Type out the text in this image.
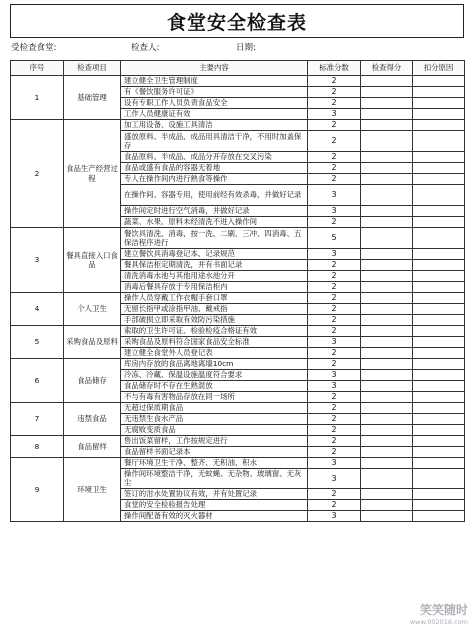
食堂安全检查表
受检查食堂:	检查人:	日期:
序号	检查项目	主要内容	标准分数	检查得分	扣分原因
1	基础管理	建立健全卫生管理制度	2		
		有《餐饮服务许可证》	2		
		设有专职工作人员负责食品安全	2		
		工作人员健康证有效	3		
2	食品生产经营过程	加工用设备、设施工具清洁	2		
		盛放原料、半成品、成品用具清洁干净，不用时加盖保存	2		
		食品原料、半成品、成品分开存放在交叉污染	2		
		食品或盛有食品的容器无着地	2		
		专人在操作间内进行熟食等操作	2		
		在操作间、容器专用，使用前经有效杀毒，并做好记录	3		
		操作间定时进行空气消毒，并做好记录	3		
		蔬菜、水果、原料未经清洗不进入操作间	2		
3	餐具直接入口食品	餐饮具清洗、消毒，按一洗、二刷、三冲、四消毒、五保洁程序进行	5		
		建立餐饮具消毒登记本、记录规范	3		
		餐具保洁柜定期清洗，并有书面记录	2		
		清洗消毒水池与其他用途水池分开	2		
		消毒后餐具存放于专用保洁柜内	2		
4	个人卫生	操作人员穿戴工作衣帽手套口罩	2		
		无留长指甲或涂指甲油、戴戒指	2		
		手部破损立即采取有效防污染措施	2		
5	采购食品及原料	索取的卫生许可证、检验检疫合格证有效	2		
		采购食品及原料符合国家食品安全标准	3		
		建立健全食堂外人员登记表	2		
6	食品储存	库房内存放的食品离地离墙10cm	2		
		冷冻、冷藏、保温设施温度符合要求	3		
		食品储存时不存在生熟混放	3		
		不与有毒有害物品存放在同一场所	2		
7	违禁食品	无超过保质期食品	2		
		无违禁生食水产品	2		
		无腐败变质食品	2		
8	食品留样	售出饭菜留样，工作按规定进行	2		
		食品留样书面记录本	2		
9	环境卫生	餐厅环境卫生干净、整齐、无积油、积水	3		
		操作间环境整洁干净，无蚊蝇、无杂物、玻璃窗、无灰尘	3		
		签订的泔水处置协议有效，并有处置记录	2		
		食堂的安全检验报告处理	2		
		操作间配备有效的灭火器材	3		
笑笑随时
www.002018.com
